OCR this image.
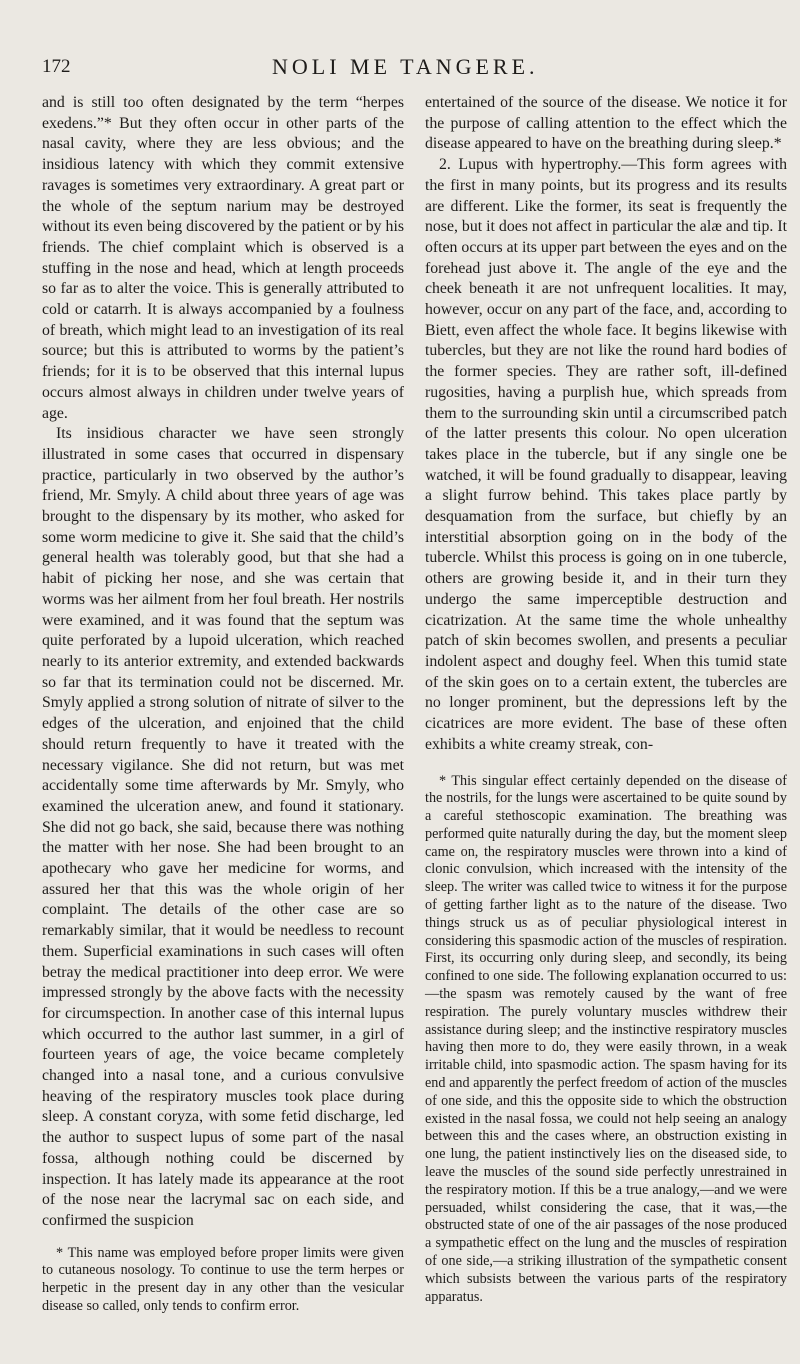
172	NOLI ME TANGERE.

and is still too often designated by the term “herpes exedens.”* But they often occur in other parts of the nasal cavity, where they are less obvious; and the insidious latency with which they commit extensive ravages is sometimes very extraordinary. A great part or the whole of the septum narium may be destroyed without its even being discovered by the patient or by his friends. The chief complaint which is observed is a stuffing in the nose and head, which at length proceeds so far as to alter the voice. This is generally attributed to cold or catarrh. It is always accompanied by a foulness of breath, which might lead to an investigation of its real source; but this is attributed to worms by the patient’s friends; for it is to be observed that this internal lupus occurs almost always in children under twelve years of age.

Its insidious character we have seen strongly illustrated in some cases that occurred in dispensary practice, particularly in two observed by the author’s friend, Mr. Smyly. A child about three years of age was brought to the dispensary by its mother, who asked for some worm medicine to give it. She said that the child’s general health was tolerably good, but that she had a habit of picking her nose, and she was certain that worms was her ailment from her foul breath. Her nostrils were examined, and it was found that the septum was quite perforated by a lupoid ulceration, which reached nearly to its anterior extremity, and extended backwards so far that its termination could not be discerned. Mr. Smyly applied a strong solution of nitrate of silver to the edges of the ulceration, and enjoined that the child should return frequently to have it treated with the necessary vigilance. She did not return, but was met accidentally some time afterwards by Mr. Smyly, who examined the ulceration anew, and found it stationary. She did not go back, she said, because there was nothing the matter with her nose. She had been brought to an apothecary who gave her medicine for worms, and assured her that this was the whole origin of her complaint. The details of the other case are so remarkably similar, that it would be needless to recount them. Superficial examinations in such cases will often betray the medical practitioner into deep error. We were impressed strongly by the above facts with the necessity for circumspection. In another case of this internal lupus which occurred to the author last summer, in a girl of fourteen years of age, the voice became completely changed into a nasal tone, and a curious convulsive heaving of the respiratory muscles took place during sleep. A constant coryza, with some fetid discharge, led the author to suspect lupus of some part of the nasal fossa, although nothing could be discerned by inspection. It has lately made its appearance at the root of the nose near the lacrymal sac on each side, and confirmed the suspicion

* This name was employed before proper limits were given to cutaneous nosology. To continue to use the term herpes or herpetic in the present day in any other than the vesicular disease so called, only tends to confirm error.

entertained of the source of the disease. We notice it for the purpose of calling attention to the effect which the disease appeared to have on the breathing during sleep.*

2. Lupus with hypertrophy.—This form agrees with the first in many points, but its progress and its results are different. Like the former, its seat is frequently the nose, but it does not affect in particular the alæ and tip. It often occurs at its upper part between the eyes and on the forehead just above it. The angle of the eye and the cheek beneath it are not unfrequent localities. It may, however, occur on any part of the face, and, according to Biett, even affect the whole face. It begins likewise with tubercles, but they are not like the round hard bodies of the former species. They are rather soft, ill-defined rugosities, having a purplish hue, which spreads from them to the surrounding skin until a circumscribed patch of the latter presents this colour. No open ulceration takes place in the tubercle, but if any single one be watched, it will be found gradually to disappear, leaving a slight furrow behind. This takes place partly by desquamation from the surface, but chiefly by an interstitial absorption going on in the body of the tubercle. Whilst this process is going on in one tubercle, others are growing beside it, and in their turn they undergo the same imperceptible destruction and cicatrization. At the same time the whole unhealthy patch of skin becomes swollen, and presents a peculiar indolent aspect and doughy feel. When this tumid state of the skin goes on to a certain extent, the tubercles are no longer prominent, but the depressions left by the cicatrices are more evident. The base of these often exhibits a white creamy streak, con-

* This singular effect certainly depended on the disease of the nostrils, for the lungs were ascertained to be quite sound by a careful stethoscopic examination. The breathing was performed quite naturally during the day, but the moment sleep came on, the respiratory muscles were thrown into a kind of clonic convulsion, which increased with the intensity of the sleep. The writer was called twice to witness it for the purpose of getting farther light as to the nature of the disease. Two things struck us as of peculiar physiological interest in considering this spasmodic action of the muscles of respiration. First, its occurring only during sleep, and secondly, its being confined to one side. The following explanation occurred to us:—the spasm was remotely caused by the want of free respiration. The purely voluntary muscles withdrew their assistance during sleep; and the instinctive respiratory muscles having then more to do, they were easily thrown, in a weak irritable child, into spasmodic action. The spasm having for its end and apparently the perfect freedom of action of the muscles of one side, and this the opposite side to which the obstruction existed in the nasal fossa, we could not help seeing an analogy between this and the cases where, an obstruction existing in one lung, the patient instinctively lies on the diseased side, to leave the muscles of the sound side perfectly unrestrained in the respiratory motion. If this be a true analogy,—and we were persuaded, whilst considering the case, that it was,—the obstructed state of one of the air passages of the nose produced a sympathetic effect on the lung and the muscles of respiration of one side,—a striking illustration of the sympathetic consent which subsists between the various parts of the respiratory apparatus.
